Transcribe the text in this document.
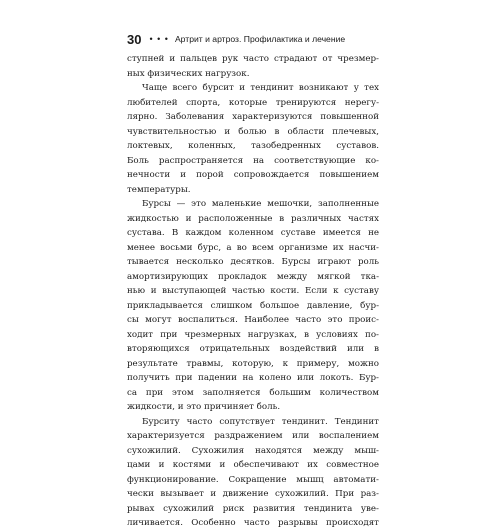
30 • • • Артрит и артроз. Профилактика и лечение
ступней и пальцев рук часто страдают от чрезмер-
ных физических нагрузок.
Чаще всего бурсит и тендинит возникают у тех
любителей спорта, которые тренируются нерегу-
лярно. Заболевания характеризуются повышенной
чувствительностью и болью в области плечевых,
локтевых, коленных, тазобедренных суставов.
Боль распространяется на соответствующие ко-
нечности и порой сопровождается повышением
температуры.
Бурсы — это маленькие мешочки, заполненные
жидкостью и расположенные в различных частях
сустава. В каждом коленном суставе имеется не
менее восьми бурс, а во всем организме их насчи-
тывается несколько десятков. Бурсы играют роль
амортизирующих прокладок между мягкой тка-
нью и выступающей частью кости. Если к суставу
прикладывается слишком большое давление, бур-
сы могут воспалиться. Наиболее часто это проис-
ходит при чрезмерных нагрузках, в условиях по-
вторяющихся отрицательных воздействий или в
результате травмы, которую, к примеру, можно
получить при падении на колено или локоть. Бур-
са при этом заполняется большим количеством
жидкости, и это причиняет боль.
Бурситу часто сопутствует тендинит. Тендинит
характеризуется раздражением или воспалением
сухожилий. Сухожилия находятся между мыш-
цами и костями и обеспечивают их совместное
функционирование. Сокращение мышц автомати-
чески вызывает и движение сухожилий. При раз-
рывах сухожилий риск развития тендинита уве-
личивается. Особенно часто разрывы происходят
